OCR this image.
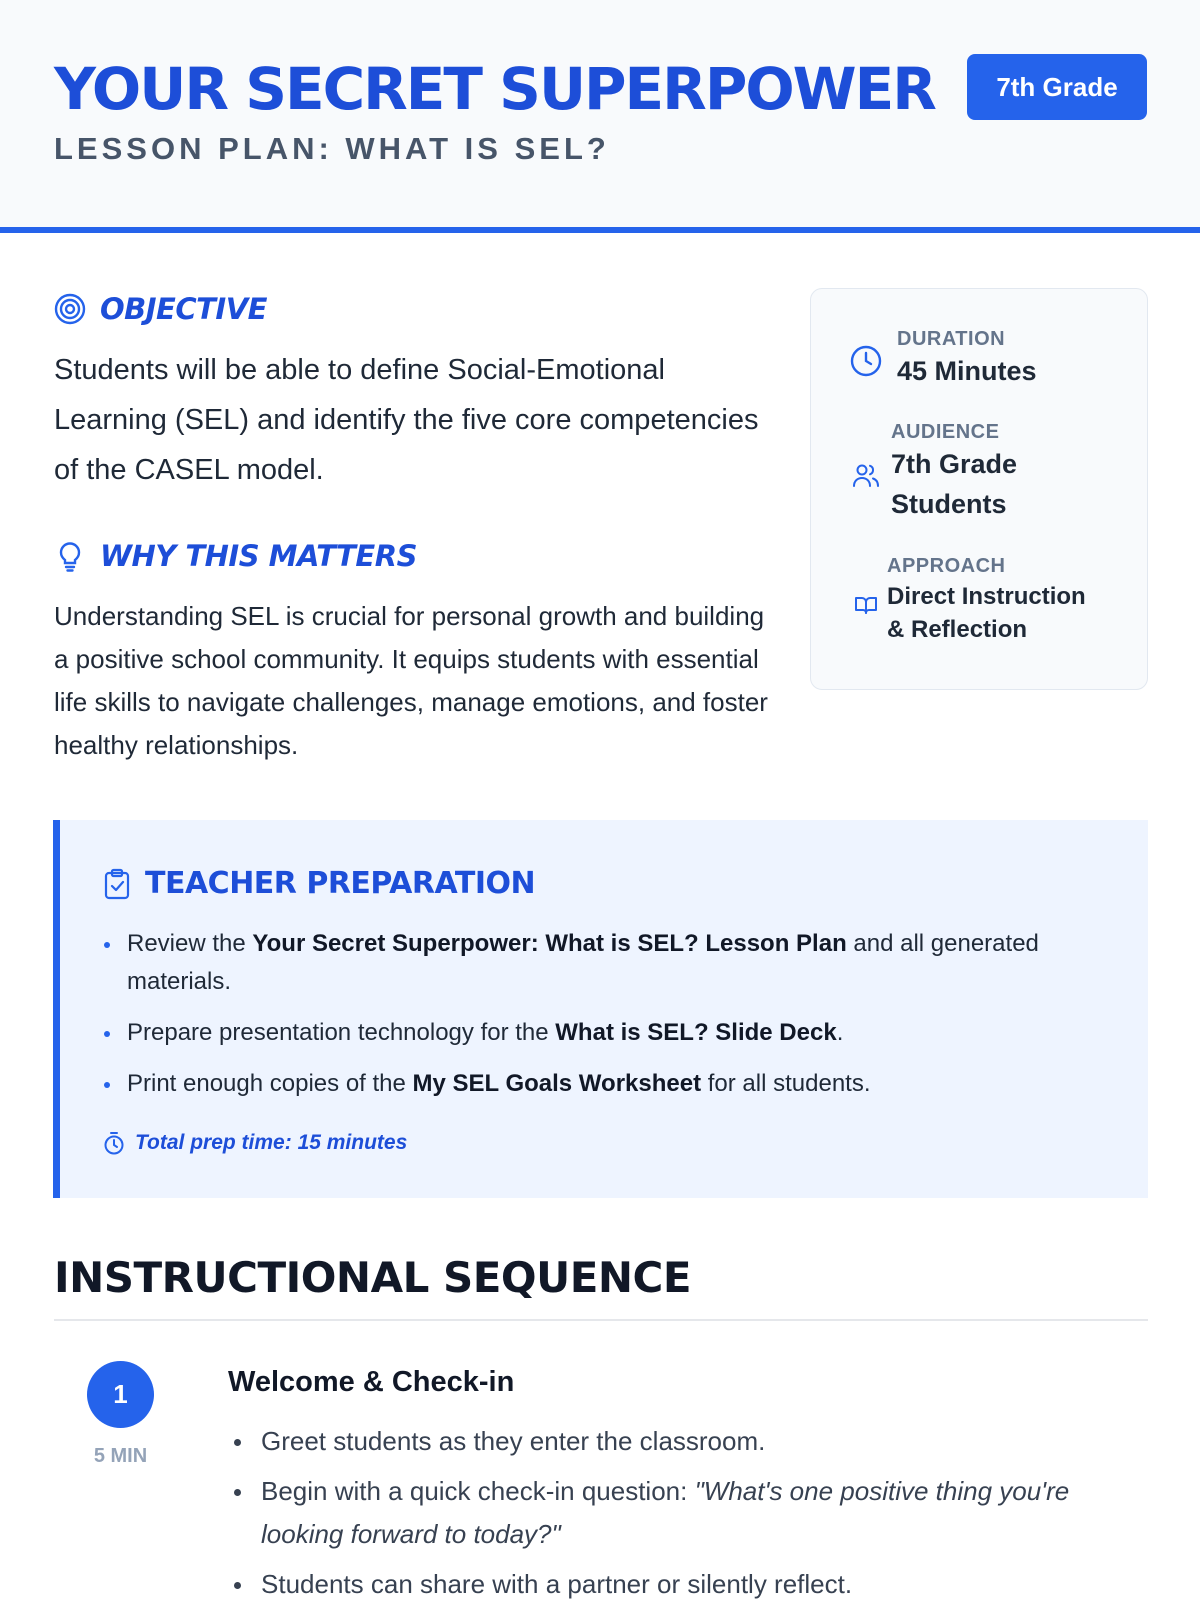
YOUR SECRET SUPERPOWER	7th Grade
LESSON PLAN: WHAT IS SEL?
OBJECTIVE

Students will be able to define Social-Emotional Learning (SEL) and identify the five core competencies of the CASEL model.

WHY THIS MATTERS

Understanding SEL is crucial for personal growth and building a positive school community. It equips students with essential life skills to navigate challenges, manage emotions, and foster healthy relationships.

DURATION
45 Minutes
AUDIENCE
7th Grade Students
APPROACH
Direct Instruction & Reflection
TEACHER PREPARATION
Review the Your Secret Superpower: What is SEL? Lesson Plan and all generated materials.
Prepare presentation technology for the What is SEL? Slide Deck.
Print enough copies of the My SEL Goals Worksheet for all students.
Total prep time: 15 minutes
INSTRUCTIONAL SEQUENCE
1
5 MIN
Welcome & Check-in
Greet students as they enter the classroom.
Begin with a quick check-in question: "What's one positive thing you're looking forward to today?"
Students can share with a partner or silently reflect.
